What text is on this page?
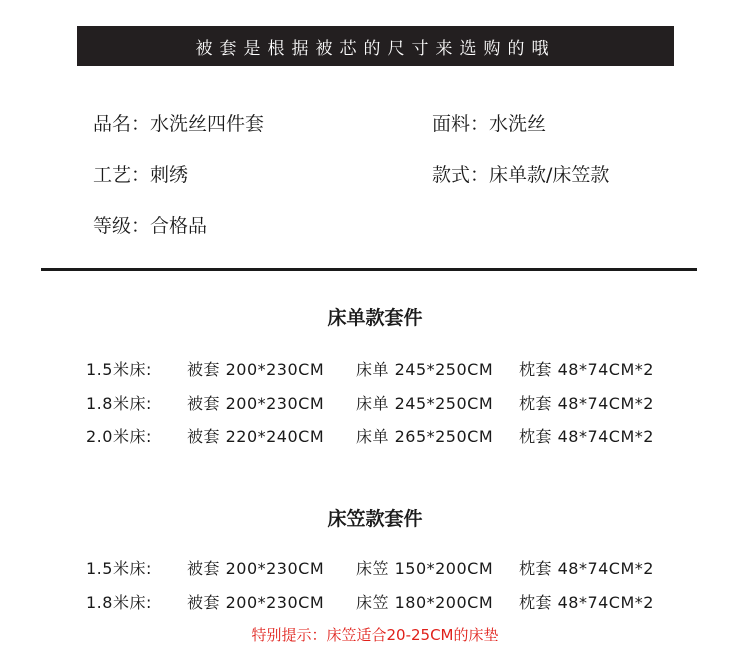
被套是根据被芯的尺寸来选购的哦
品名：水洗丝四件套	面料：水洗丝
工艺：刺绣	款式：床单款/床笠款
等级：合格品
床单款套件
1.5米床: 被套 200*230CM 床单 245*250CM 枕套 48*74CM*2
1.8米床: 被套 200*230CM 床单 245*250CM 枕套 48*74CM*2
2.0米床: 被套 220*240CM 床单 265*250CM 枕套 48*74CM*2
床笠款套件
1.5米床: 被套 200*230CM 床笠 150*200CM 枕套 48*74CM*2
1.8米床: 被套 200*230CM 床笠 180*200CM 枕套 48*74CM*2
特别提示：床笠适合20-25CM的床垫
